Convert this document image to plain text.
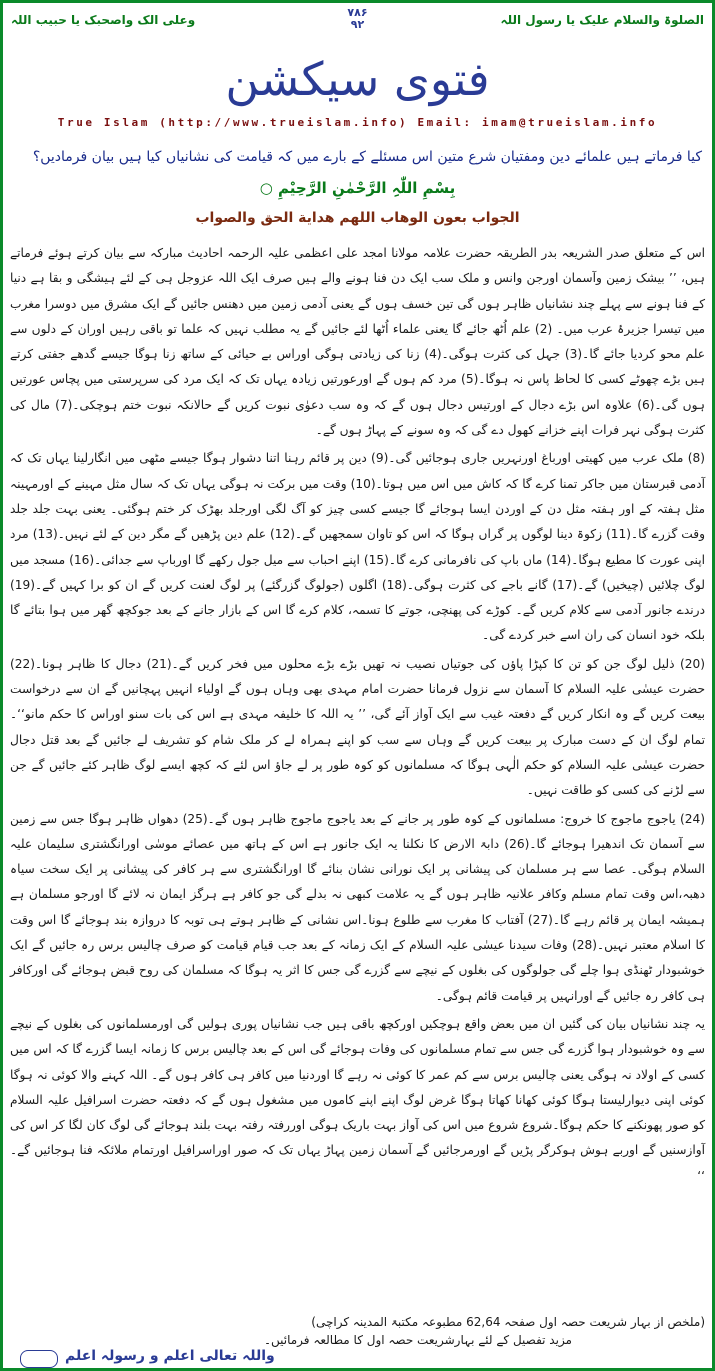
الصلوۃ والسلام علیک یا رسول اللہ
۷۸۶
۹۲
وعلی الک واصحبک یا حبیب اللہ
فتوی سیکشن
True Islam (http://www.trueislam.info) Email: imam@trueislam.info
کیا فرماتے ہیں علمائے دین ومفتیان شرع متین اس مسئلے کے بارے میں کہ قیامت کی نشانیاں کیا ہیں بیان فرمادیں؟
بِسْمِ اللّٰہِ الرَّحْمٰنِ الرَّحِیْمِ ○
الجواب بعون الوهاب اللهم هداية الحق والصواب

اس کے متعلق صدر الشریعہ بدر الطریقہ حضرت علامہ مولانا امجد علی اعظمی علیہ الرحمہ احادیث مبارکہ سے بیان کرتے ہوئے فرماتے ہیں، ’’ بیشک زمین وآسمان اورجن وانس و ملک سب ایک دن فنا ہونے والے ہیں صرف ایک اللہ عزوجل ہی کے لئے ہیشگی و بقا ہے دنیا کے فنا ہونے سے پہلے چند نشانیاں ظاہر ہوں گی تین خسف ہوں گے یعنی آدمی زمین میں دھنس جائیں گے ایک مشرق میں دوسرا مغرب میں تیسرا جزیرۂ عرب میں۔ (2) علم اُٹھ جائے گا یعنی علماء اُٹھا لئے جائیں گے یہ مطلب نہیں کہ علما تو باقی رہیں اوران کے دلوں سے علم محو کردیا جائے گا۔(3) جہل کی کثرت ہوگی۔(4) زنا کی زیادتی ہوگی اوراس بے حیائی کے ساتھ زنا ہوگا جیسے گدھے جفتی کرتے ہیں بڑے چھوٹے کسی کا لحاظ پاس نہ ہوگا۔(5) مرد کم ہوں گے اورعورتیں زیادہ یہاں تک کہ ایک مرد کی سرپرستی میں پچاس عورتیں ہوں گی۔(6) علاوہ اس بڑے دجال کے اورتیس دجال ہوں گے کہ وہ سب دعوٰی نبوت کریں گے حالانکہ نبوت ختم ہوچکی۔(7) مال کی کثرت ہوگی نہر فرات اپنے خزانے کھول دے گی کہ وہ سونے کے پہاڑ ہوں گے۔

(8) ملک عرب میں کھیتی اورباغ اورنہریں جاری ہوجائیں گی۔(9) دین پر قائم رہنا اتنا دشوار ہوگا جیسے مٹھی میں انگارلینا یہاں تک کہ آدمی قبرستان میں جاکر تمنا کرے گا کہ کاش میں اس میں ہوتا۔(10) وقت میں برکت نہ ہوگی یہاں تک کہ سال مثل مہینے کے اورمہینہ مثل ہفتہ کے اور ہفتہ مثل دن کے اوردن ایسا ہوجائے گا جیسے کسی چیز کو آگ لگی اورجلد بھڑک کر ختم ہوگئی۔ یعنی بہت جلد جلد وقت گزرے گا۔(11) زکوۃ دینا لوگوں پر گراں ہوگا کہ اس کو تاوان سمجھیں گے۔(12) علم دین پڑھیں گے مگر دین کے لئے نہیں۔(13) مرد اپنی عورت کا مطیع ہوگا۔(14) ماں باپ کی نافرمانی کرے گا۔(15) اپنے احباب سے میل جول رکھے گا اورباپ سے جدائی۔(16) مسجد میں لوگ چلائیں (چیخیں) گے۔(17) گانے باجے کی کثرت ہوگی۔(18) اگلوں (جولوگ گزرگئے) پر لوگ لعنت کریں گے ان کو برا کہیں گے۔(19) درندے جانور آدمی سے کلام کریں گے۔ کوڑے کی پھنچی، جوتے کا تسمہ، کلام کرے گا اس کے بازار جانے کے بعد جوکچھ گھر میں ہوا بتائے گا بلکہ خود انسان کی ران اسے خبر کردے گی۔

(20) ذلیل لوگ جن کو تن کا کپڑا پاؤں کی جوتیاں نصیب نہ تھیں بڑے بڑے محلوں میں فخر کریں گے۔(21) دجال کا ظاہر ہونا۔(22) حضرت عیسٰی علیہ السلام کا آسمان سے نزول فرمانا حضرت امام مہدی بھی وہاں ہوں گے اولیاء انہیں پہچانیں گے ان سے درخواست بیعت کریں گے وہ انکار کریں گے دفعتہ غیب سے ایک آواز آئے گی، ’’ یہ اللہ کا خلیفہ مہدی ہے اس کی بات سنو اوراس کا حکم مانو‘‘۔ تمام لوگ ان کے دست مبارک پر بیعت کریں گے وہاں سے سب کو اپنے ہمراہ لے کر ملک شام کو تشریف لے جائیں گے بعد قتل دجال حضرت عیسٰی علیہ السلام کو حکم الٰہی ہوگا کہ مسلمانوں کو کوہ طور پر لے جاؤ اس لئے کہ کچھ ایسے لوگ ظاہر کئے جائیں گے جن سے لڑنے کی کسی کو طاقت نہیں۔

(24) یاجوج ماجوج کا خروج: مسلمانوں کے کوہ طور پر جانے کے بعد یاجوج ماجوج ظاہر ہوں گے۔(25) دھواں ظاہر ہوگا جس سے زمین سے آسمان تک اندھیرا ہوجائے گا۔(26) دابۃ الارض کا نکلنا یہ ایک جانور ہے اس کے ہاتھ میں عصائے موسٰی اورانگشتری سلیمان علیہ السلام ہوگی۔ عصا سے ہر مسلمان کی پیشانی پر ایک نورانی نشان بنائے گا اورانگشتری سے ہر کافر کی پیشانی پر ایک سخت سیاہ دھبہ،اس وقت تمام مسلم وکافر علانیہ ظاہر ہوں گے یہ علامت کبھی نہ بدلے گی جو کافر ہے ہرگز ایمان نہ لائے گا اورجو مسلمان ہے ہمیشہ ایمان پر قائم رہے گا۔(27) آفتاب کا مغرب سے طلوع ہونا۔اس نشانی کے ظاہر ہوتے ہی توبہ کا دروازہ بند ہوجائے گا اس وقت کا اسلام معتبر نہیں۔(28) وفات سیدنا عیسٰی علیہ السلام کے ایک زمانہ کے بعد جب قیام قیامت کو صرف چالیس برس رہ جائیں گے ایک خوشبودار ٹھنڈی ہوا چلے گی جولوگوں کی بغلوں کے نیچے سے گزرے گی جس کا اثر یہ ہوگا کہ مسلمان کی روح قبض ہوجائے گی اورکافر ہی کافر رہ جائیں گے اورانہیں پر قیامت قائم ہوگی۔

یہ چند نشانیاں بیان کی گئیں ان میں بعض واقع ہوچکیں اورکچھ باقی ہیں جب نشانیاں پوری ہولیں گی اورمسلمانوں کی بغلوں کے نیچے سے وہ خوشبودار ہوا گزرے گی جس سے تمام مسلمانوں کی وفات ہوجائے گی اس کے بعد چالیس برس کا زمانہ ایسا گزرے گا کہ اس میں کسی کے اولاد نہ ہوگی یعنی چالیس برس سے کم عمر کا کوئی نہ رہے گا اوردنیا میں کافر ہی کافر ہوں گے۔ اللہ کہنے والا کوئی نہ ہوگا کوئی اپنی دیوارلیستا ہوگا کوئی کھانا کھاتا ہوگا غرض لوگ اپنے اپنے کاموں میں مشغول ہوں گے کہ دفعتہ حضرت اسرافیل علیہ السلام کو صور پھونکنے کا حکم ہوگا۔شروع شروع میں اس کی آواز بہت باریک ہوگی اوررفتہ رفتہ بہت بلند ہوجائے گی لوگ کان لگا کر اس کی آوازسنیں گے اوربے ہوش ہوکرگر پڑیں گے اورمرجائیں گے آسمان زمین پہاڑ یہاں تک کہ صور اوراسرافیل اورتمام ملائکہ فنا ہوجائیں گے۔ ‘‘

(ملخص از بہار شریعت حصہ اول صفحہ 62,64 مطبوعہ مکتبۃ المدینہ کراچی)
مزید تفصیل کے لئے بہارشریعت حصہ اول کا مطالعہ فرمائیں۔
واللہ تعالی اعلم و رسولہ اعلم
